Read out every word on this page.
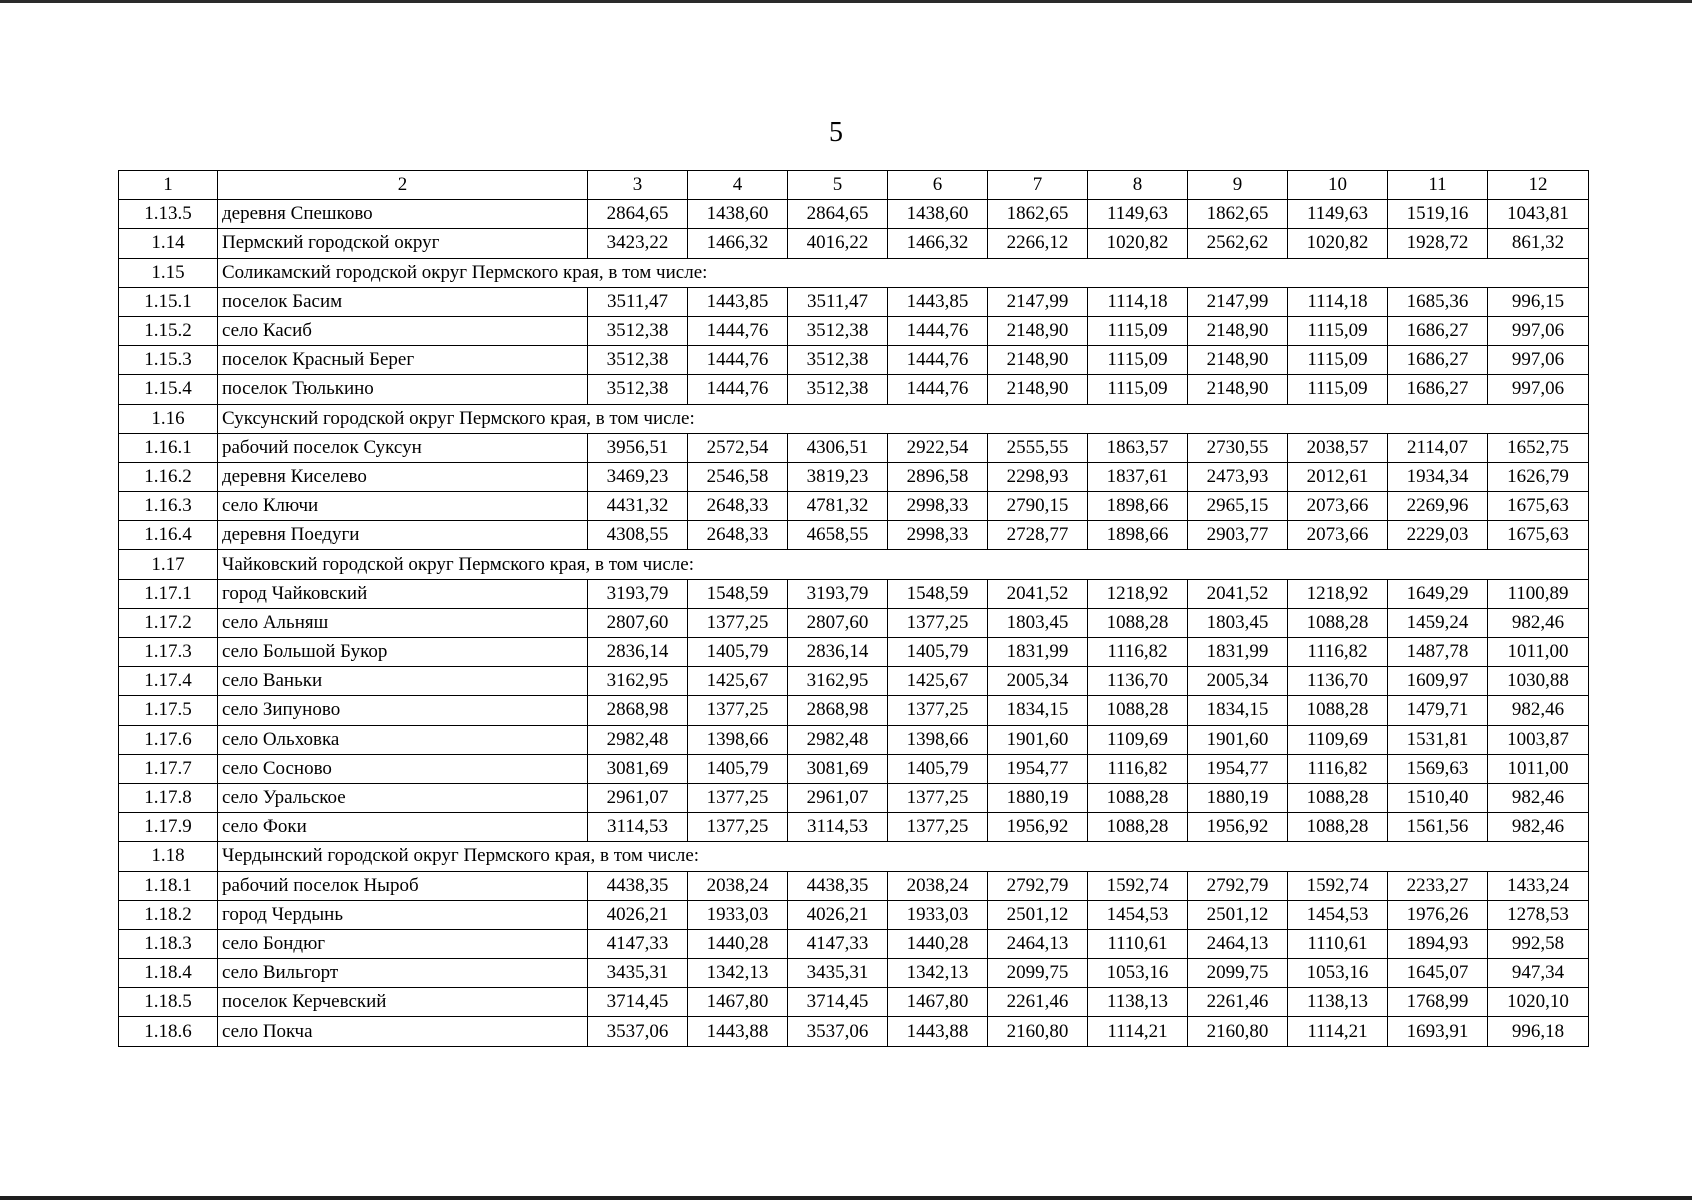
5
1	2	3	4	5	6	7	8	9	10	11	12
1.13.5	деревня Спешково	2864,65	1438,60	2864,65	1438,60	1862,65	1149,63	1862,65	1149,63	1519,16	1043,81
1.14	Пермский городской округ	3423,22	1466,32	4016,22	1466,32	2266,12	1020,82	2562,62	1020,82	1928,72	861,32
1.15	Соликамский городской округ Пермского края, в том числе:										
1.15.1	поселок Басим	3511,47	1443,85	3511,47	1443,85	2147,99	1114,18	2147,99	1114,18	1685,36	996,15
1.15.2	село Касиб	3512,38	1444,76	3512,38	1444,76	2148,90	1115,09	2148,90	1115,09	1686,27	997,06
1.15.3	поселок Красный Берег	3512,38	1444,76	3512,38	1444,76	2148,90	1115,09	2148,90	1115,09	1686,27	997,06
1.15.4	поселок Тюлькино	3512,38	1444,76	3512,38	1444,76	2148,90	1115,09	2148,90	1115,09	1686,27	997,06
1.16	Суксунский городской округ Пермского края, в том числе:										
1.16.1	рабочий поселок Суксун	3956,51	2572,54	4306,51	2922,54	2555,55	1863,57	2730,55	2038,57	2114,07	1652,75
1.16.2	деревня Киселево	3469,23	2546,58	3819,23	2896,58	2298,93	1837,61	2473,93	2012,61	1934,34	1626,79
1.16.3	село Ключи	4431,32	2648,33	4781,32	2998,33	2790,15	1898,66	2965,15	2073,66	2269,96	1675,63
1.16.4	деревня Поедуги	4308,55	2648,33	4658,55	2998,33	2728,77	1898,66	2903,77	2073,66	2229,03	1675,63
1.17	Чайковский городской округ Пермского края, в том числе:										
1.17.1	город Чайковский	3193,79	1548,59	3193,79	1548,59	2041,52	1218,92	2041,52	1218,92	1649,29	1100,89
1.17.2	село Альняш	2807,60	1377,25	2807,60	1377,25	1803,45	1088,28	1803,45	1088,28	1459,24	982,46
1.17.3	село Большой Букор	2836,14	1405,79	2836,14	1405,79	1831,99	1116,82	1831,99	1116,82	1487,78	1011,00
1.17.4	село Ваньки	3162,95	1425,67	3162,95	1425,67	2005,34	1136,70	2005,34	1136,70	1609,97	1030,88
1.17.5	село Зипуново	2868,98	1377,25	2868,98	1377,25	1834,15	1088,28	1834,15	1088,28	1479,71	982,46
1.17.6	село Ольховка	2982,48	1398,66	2982,48	1398,66	1901,60	1109,69	1901,60	1109,69	1531,81	1003,87
1.17.7	село Сосново	3081,69	1405,79	3081,69	1405,79	1954,77	1116,82	1954,77	1116,82	1569,63	1011,00
1.17.8	село Уральское	2961,07	1377,25	2961,07	1377,25	1880,19	1088,28	1880,19	1088,28	1510,40	982,46
1.17.9	село Фоки	3114,53	1377,25	3114,53	1377,25	1956,92	1088,28	1956,92	1088,28	1561,56	982,46
1.18	Чердынский городской округ Пермского края, в том числе:										
1.18.1	рабочий поселок Ныроб	4438,35	2038,24	4438,35	2038,24	2792,79	1592,74	2792,79	1592,74	2233,27	1433,24
1.18.2	город Чердынь	4026,21	1933,03	4026,21	1933,03	2501,12	1454,53	2501,12	1454,53	1976,26	1278,53
1.18.3	село Бондюг	4147,33	1440,28	4147,33	1440,28	2464,13	1110,61	2464,13	1110,61	1894,93	992,58
1.18.4	село Вильгорт	3435,31	1342,13	3435,31	1342,13	2099,75	1053,16	2099,75	1053,16	1645,07	947,34
1.18.5	поселок Керчевский	3714,45	1467,80	3714,45	1467,80	2261,46	1138,13	2261,46	1138,13	1768,99	1020,10
1.18.6	село Покча	3537,06	1443,88	3537,06	1443,88	2160,80	1114,21	2160,80	1114,21	1693,91	996,18
